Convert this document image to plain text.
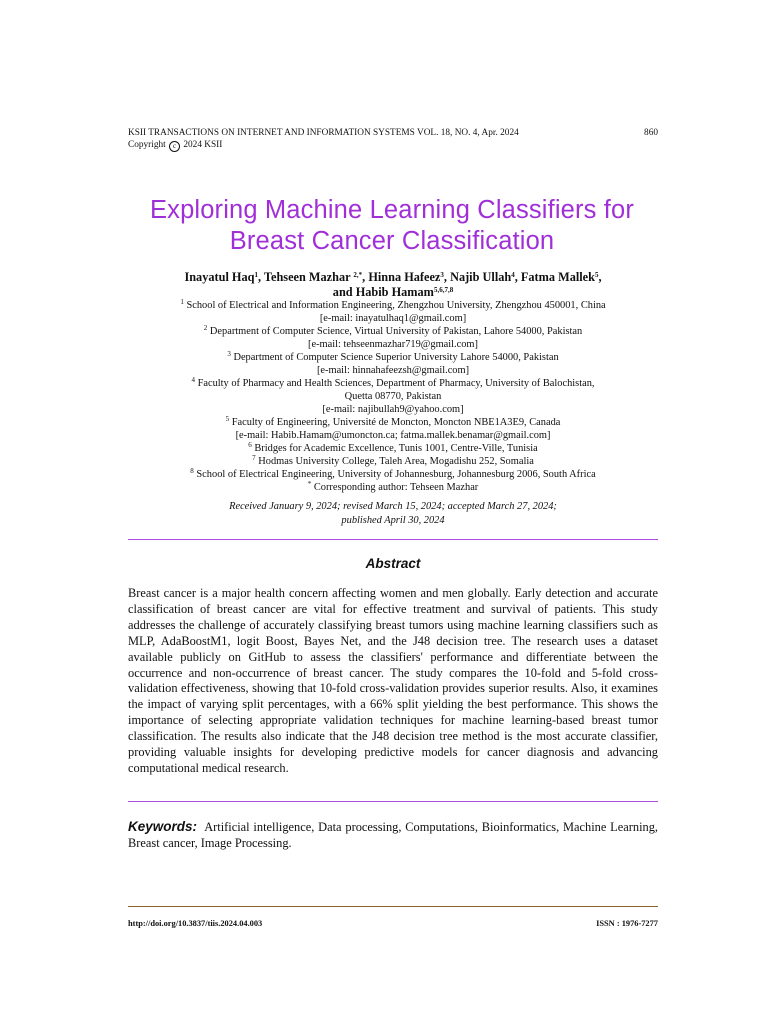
KSII TRANSACTIONS ON INTERNET AND INFORMATION SYSTEMS VOL. 18, NO. 4, Apr. 2024	860
Copyright c 2024 KSII
Exploring Machine Learning Classifiers for
Breast Cancer Classification
Inayatul Haq$^1$, Tehseen Mazhar $^{2,*}$, Hinna Hafeez$^3$, Najib Ullah$^4$, Fatma Mallek$^5$,
and Habib Hamam$^{5,6,7,8}$
$^1$ School of Electrical and Information Engineering, Zhengzhou University, Zhengzhou 450001, China
[e-mail: inayatulhaq1@gmail.com]
$^2$ Department of Computer Science, Virtual University of Pakistan, Lahore 54000, Pakistan
[e-mail: tehseenmazhar719@gmail.com]
$^3$ Department of Computer Science Superior University Lahore 54000, Pakistan
[e-mail: hinnahafeezsh@gmail.com]
$^4$ Faculty of Pharmacy and Health Sciences, Department of Pharmacy, University of Balochistan,
Quetta 08770, Pakistan
[e-mail: najibullah9@yahoo.com]
$^5$ Faculty of Engineering, Université de Moncton, Moncton NBE1A3E9, Canada
[e-mail: Habib.Hamam@umoncton.ca; fatma.mallek.benamar@gmail.com]
$^6$ Bridges for Academic Excellence, Tunis 1001, Centre-Ville, Tunisia
$^7$ Hodmas University College, Taleh Area, Mogadishu 252, Somalia
$^8$ School of Electrical Engineering, University of Johannesburg, Johannesburg 2006, South Africa
* Corresponding author: Tehseen Mazhar
Received January 9, 2024; revised March 15, 2024; accepted March 27, 2024;
published April 30, 2024
Abstract
Breast cancer is a major health concern affecting women and men globally. Early detection and accurate classification of breast cancer are vital for effective treatment and survival of patients. This study addresses the challenge of accurately classifying breast tumors using machine learning classifiers such as MLP, AdaBoostM1, logit Boost, Bayes Net, and the J48 decision tree. The research uses a dataset available publicly on GitHub to assess the classifiers' performance and differentiate between the occurrence and non-occurrence of breast cancer. The study compares the 10-fold and 5-fold cross-validation effectiveness, showing that 10-fold cross-validation provides superior results. Also, it examines the impact of varying split percentages, with a 66% split yielding the best performance. This shows the importance of selecting appropriate validation techniques for machine learning-based breast tumor classification. The results also indicate that the J48 decision tree method is the most accurate classifier, providing valuable insights for developing predictive models for cancer diagnosis and advancing computational medical research.
Keywords: Artificial intelligence, Data processing, Computations, Bioinformatics, Machine Learning, Breast cancer, Image Processing.
http://doi.org/10.3837/tiis.2024.04.003	ISSN : 1976-7277
